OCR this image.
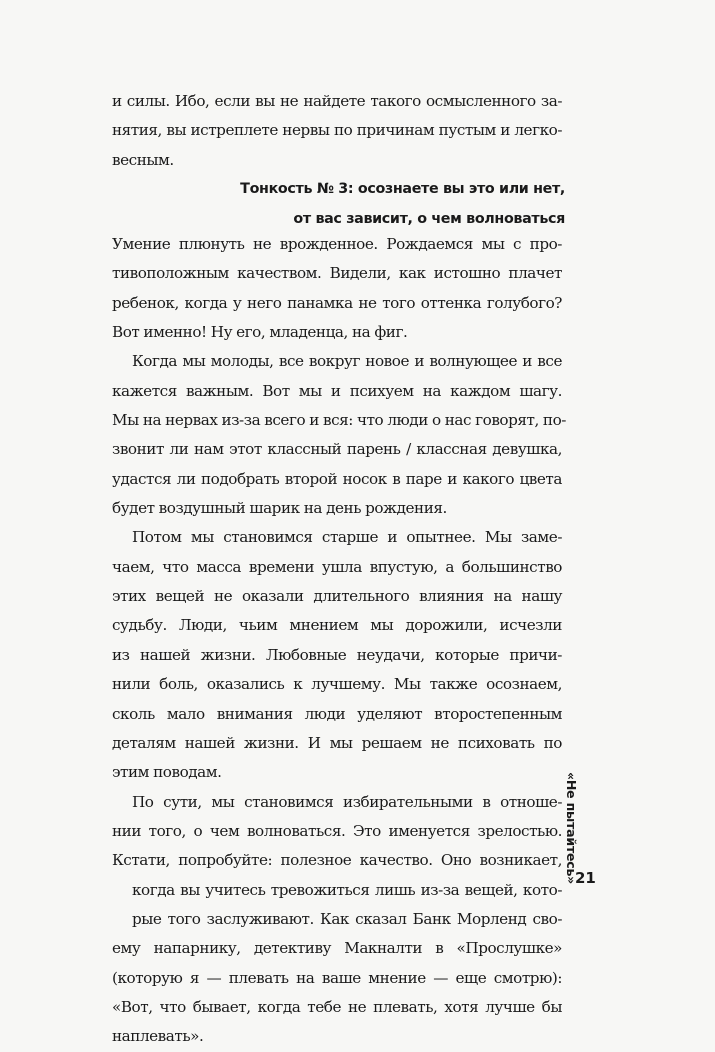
и силы. Ибо, если вы не найдете такого осмысленного за-
нятия, вы истреплете нервы по причинам пустым и легко-
весным.
Тонкость № 3: осознаете вы это или нет,
от вас зависит, о чем волноваться
Умение плюнуть не врожденное. Рождаемся мы с про-
тивоположным качеством. Видели, как истошно плачет
ребенок, когда у него панамка не того оттенка голубого?
Вот именно! Ну его, младенца, на фиг.
Когда мы молоды, все вокруг новое и волнующее и все
кажется важным. Вот мы и психуем на каждом шагу.
Мы на нервах из-за всего и вся: что люди о нас говорят, по-
звонит ли нам этот классный парень / классная девушка,
удастся ли подобрать второй носок в паре и какого цвета
будет воздушный шарик на день рождения.
Потом мы становимся старше и опытнее. Мы заме-
чаем, что масса времени ушла впустую, а большинство
этих вещей не оказали длительного влияния на нашу
судьбу. Люди, чьим мнением мы дорожили, исчезли
из нашей жизни. Любовные неудачи, которые причи-
нили боль, оказались к лучшему. Мы также осознаем,
сколь мало внимания люди уделяют второстепенным
деталям нашей жизни. И мы решаем не психовать по
этим поводам.
По сути, мы становимся избирательными в отноше-
нии того, о чем волноваться. Это именуется зрелостью.
Кстати, попробуйте: полезное качество. Оно возникает,
когда вы учитесь тревожиться лишь из-за вещей, кото-
рые того заслуживают. Как сказал Банк Морленд сво-
ему напарнику, детективу Макналти в «Прослушке»
(которую я — плевать на ваше мнение — еще смотрю):
«Вот, что бывает, когда тебе не плевать, хотя лучше бы
наплевать».
«Не пытайтесь»
21
